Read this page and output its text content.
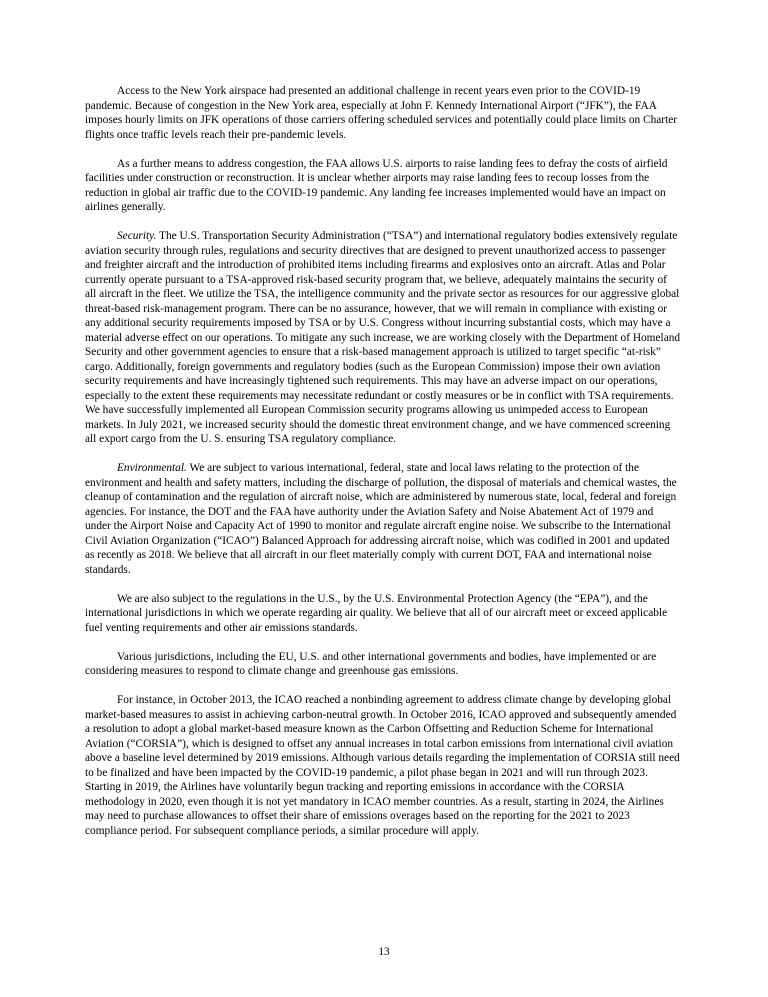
Access to the New York airspace had presented an additional challenge in recent years even prior to the COVID-19 pandemic. Because of congestion in the New York area, especially at John F. Kennedy International Airport (“JFK”), the FAA imposes hourly limits on JFK operations of those carriers offering scheduled services and potentially could place limits on Charter flights once traffic levels reach their pre-pandemic levels.

As a further means to address congestion, the FAA allows U.S. airports to raise landing fees to defray the costs of airfield facilities under construction or reconstruction. It is unclear whether airports may raise landing fees to recoup losses from the reduction in global air traffic due to the COVID-19 pandemic. Any landing fee increases implemented would have an impact on airlines generally.

Security. The U.S. Transportation Security Administration (“TSA”) and international regulatory bodies extensively regulate aviation security through rules, regulations and security directives that are designed to prevent unauthorized access to passenger and freighter aircraft and the introduction of prohibited items including firearms and explosives onto an aircraft. Atlas and Polar currently operate pursuant to a TSA-approved risk-based security program that, we believe, adequately maintains the security of all aircraft in the fleet. We utilize the TSA, the intelligence community and the private sector as resources for our aggressive global threat-based risk-management program. There can be no assurance, however, that we will remain in compliance with existing or any additional security requirements imposed by TSA or by U.S. Congress without incurring substantial costs, which may have a material adverse effect on our operations. To mitigate any such increase, we are working closely with the Department of Homeland Security and other government agencies to ensure that a risk-based management approach is utilized to target specific “at-risk” cargo. Additionally, foreign governments and regulatory bodies (such as the European Commission) impose their own aviation security requirements and have increasingly tightened such requirements. This may have an adverse impact on our operations, especially to the extent these requirements may necessitate redundant or costly measures or be in conflict with TSA requirements. We have successfully implemented all European Commission security programs allowing us unimpeded access to European markets. In July 2021, we increased security should the domestic threat environment change, and we have commenced screening all export cargo from the U. S. ensuring TSA regulatory compliance.

Environmental. We are subject to various international, federal, state and local laws relating to the protection of the environment and health and safety matters, including the discharge of pollution, the disposal of materials and chemical wastes, the cleanup of contamination and the regulation of aircraft noise, which are administered by numerous state, local, federal and foreign agencies. For instance, the DOT and the FAA have authority under the Aviation Safety and Noise Abatement Act of 1979 and under the Airport Noise and Capacity Act of 1990 to monitor and regulate aircraft engine noise. We subscribe to the International Civil Aviation Organization (“ICAO”) Balanced Approach for addressing aircraft noise, which was codified in 2001 and updated as recently as 2018. We believe that all aircraft in our fleet materially comply with current DOT, FAA and international noise standards.

We are also subject to the regulations in the U.S., by the U.S. Environmental Protection Agency (the “EPA”), and the international jurisdictions in which we operate regarding air quality. We believe that all of our aircraft meet or exceed applicable fuel venting requirements and other air emissions standards.

Various jurisdictions, including the EU, U.S. and other international governments and bodies, have implemented or are considering measures to respond to climate change and greenhouse gas emissions.

For instance, in October 2013, the ICAO reached a nonbinding agreement to address climate change by developing global market-based measures to assist in achieving carbon-neutral growth. In October 2016, ICAO approved and subsequently amended a resolution to adopt a global market-based measure known as the Carbon Offsetting and Reduction Scheme for International Aviation (“CORSIA”), which is designed to offset any annual increases in total carbon emissions from international civil aviation above a baseline level determined by 2019 emissions. Although various details regarding the implementation of CORSIA still need to be finalized and have been impacted by the COVID-19 pandemic, a pilot phase began in 2021 and will run through 2023. Starting in 2019, the Airlines have voluntarily begun tracking and reporting emissions in accordance with the CORSIA methodology in 2020, even though it is not yet mandatory in ICAO member countries. As a result, starting in 2024, the Airlines may need to purchase allowances to offset their share of emissions overages based on the reporting for the 2021 to 2023 compliance period. For subsequent compliance periods, a similar procedure will apply.

13
